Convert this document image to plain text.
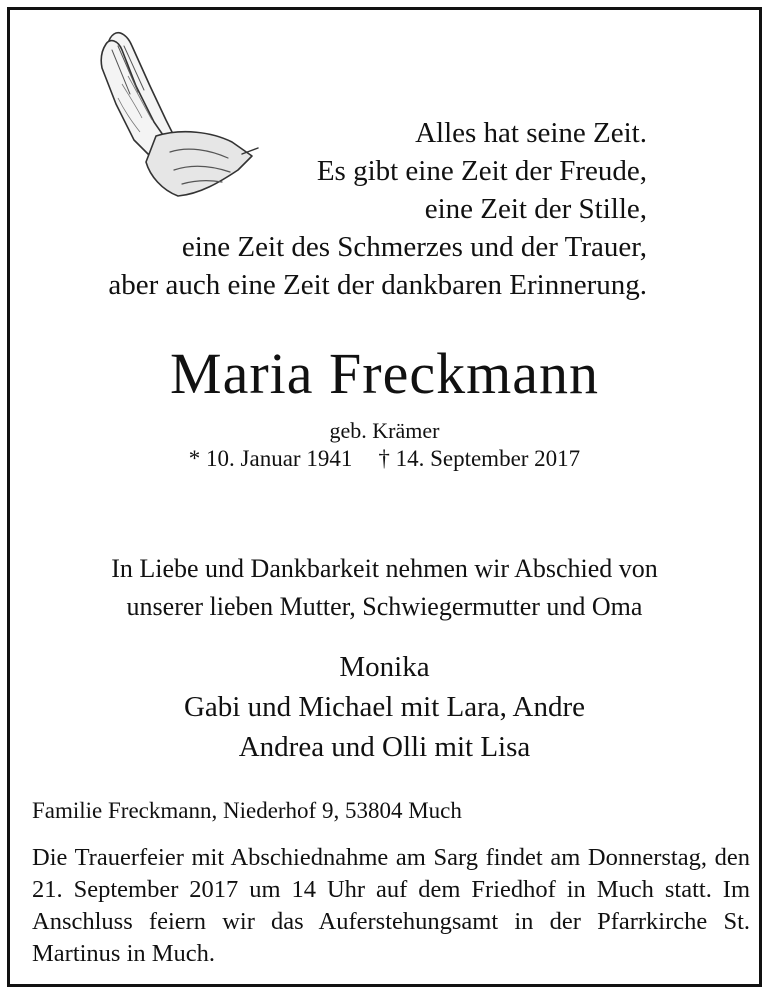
Alles hat seine Zeit.
Es gibt eine Zeit der Freude,
eine Zeit der Stille,
eine Zeit des Schmerzes und der Trauer,
aber auch eine Zeit der dankbaren Erinnerung.
Maria Freckmann
geb. Krämer
* 10. Januar 1941 † 14. September 2017
In Liebe und Dankbarkeit nehmen wir Abschied von
unserer lieben Mutter, Schwiegermutter und Oma
Monika
Gabi und Michael mit Lara, Andre
Andrea und Olli mit Lisa
Familie Freckmann, Niederhof 9, 53804 Much
Die Trauerfeier mit Abschiednahme am Sarg findet am Donnerstag, den 21. September 2017 um 14 Uhr auf dem Friedhof in Much statt. Im Anschluss feiern wir das Auferstehungsamt in der Pfarrkirche St. Martinus in Much.
